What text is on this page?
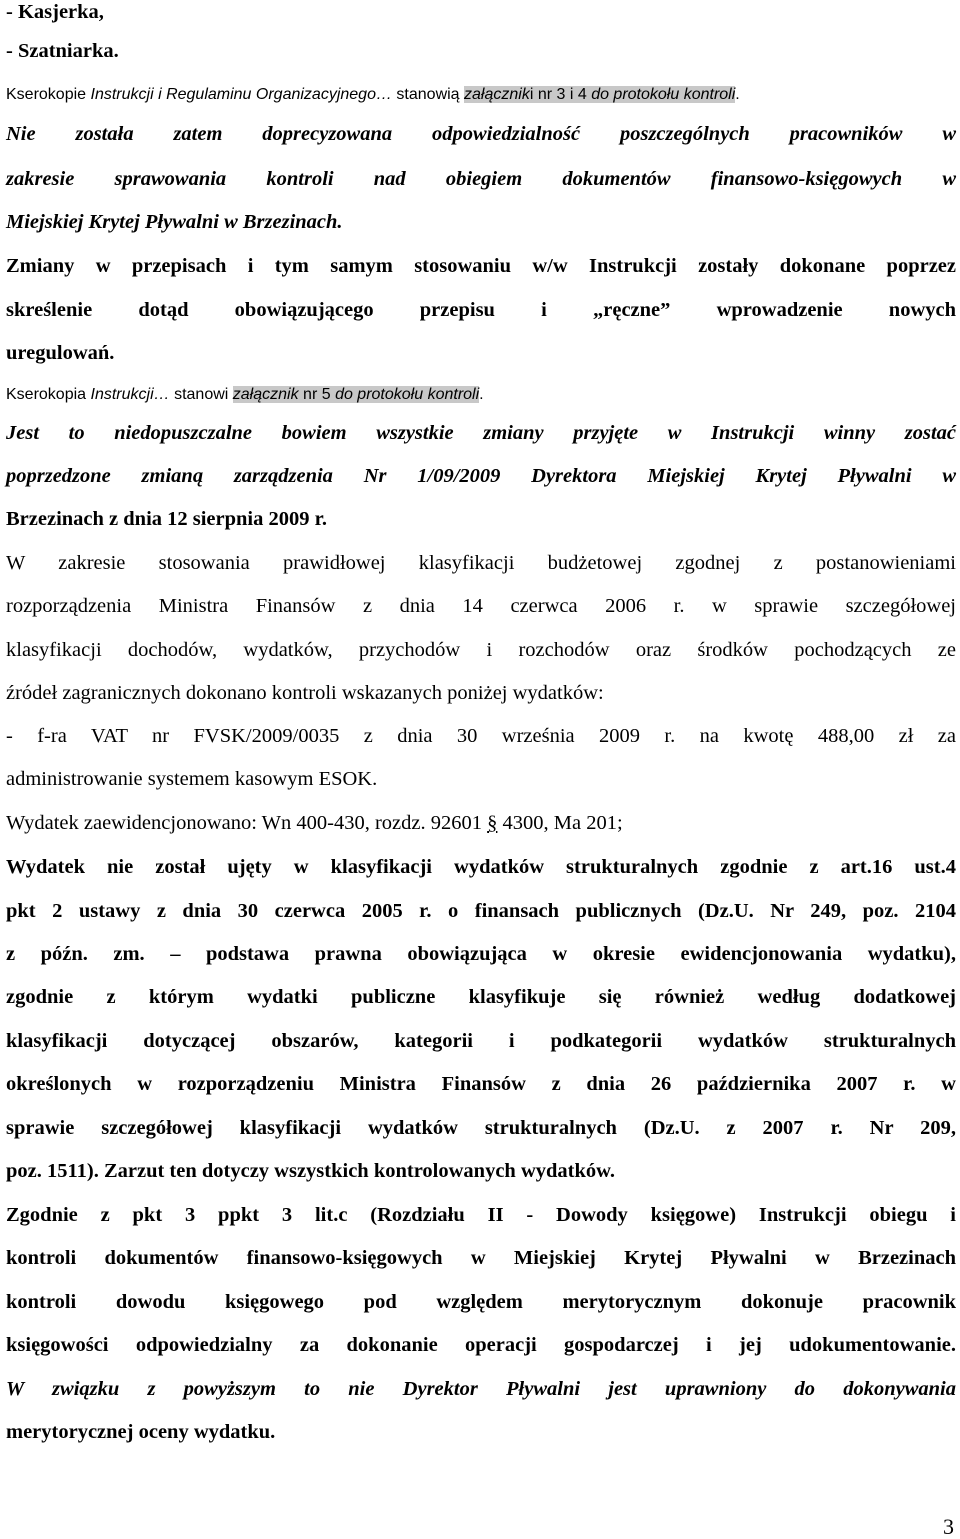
- Kasjerka,
- Szatniarka.
Kserokopie Instrukcji i Regulaminu Organizacyjnego… stanowią załączniki nr 3 i 4 do protokołu kontroli.
Nie została zatem doprecyzowana odpowiedzialność poszczególnych pracowników w
zakresie sprawowania kontroli nad obiegiem dokumentów finansowo-księgowych w
Miejskiej Krytej Pływalni w Brzezinach.
Zmiany w przepisach i tym samym stosowaniu w/w Instrukcji zostały dokonane poprzez
skreślenie dotąd obowiązującego przepisu i „ręczne” wprowadzenie nowych
uregulowań.
Kserokopia Instrukcji… stanowi załącznik nr 5 do protokołu kontroli.
Jest to niedopuszczalne bowiem wszystkie zmiany przyjęte w Instrukcji winny zostać
poprzedzone zmianą zarządzenia Nr 1/09/2009 Dyrektora Miejskiej Krytej Pływalni w
Brzezinach z dnia 12 sierpnia 2009 r.
W zakresie stosowania prawidłowej klasyfikacji budżetowej zgodnej z postanowieniami
rozporządzenia Ministra Finansów z dnia 14 czerwca 2006 r. w sprawie szczegółowej
klasyfikacji dochodów, wydatków, przychodów i rozchodów oraz środków pochodzących ze
źródeł zagranicznych dokonano kontroli wskazanych poniżej wydatków:
- f-ra VAT nr FVSK/2009/0035 z dnia 30 września 2009 r. na kwotę 488,00 zł za
administrowanie systemem kasowym ESOK.
Wydatek zaewidencjonowano: Wn 400-430, rozdz. 92601 § 4300, Ma 201;
Wydatek nie został ujęty w klasyfikacji wydatków strukturalnych zgodnie z art.16 ust.4
pkt 2 ustawy z dnia 30 czerwca 2005 r. o finansach publicznych (Dz.U. Nr 249, poz. 2104
z późn. zm. – podstawa prawna obowiązująca w okresie ewidencjonowania wydatku),
zgodnie z którym wydatki publiczne klasyfikuje się również według dodatkowej
klasyfikacji dotyczącej obszarów, kategorii i podkategorii wydatków strukturalnych
określonych w rozporządzeniu Ministra Finansów z dnia 26 października 2007 r. w
sprawie szczegółowej klasyfikacji wydatków strukturalnych (Dz.U. z 2007 r. Nr 209,
poz. 1511). Zarzut ten dotyczy wszystkich kontrolowanych wydatków.
Zgodnie z pkt 3 ppkt 3 lit.c (Rozdziału II - Dowody księgowe) Instrukcji obiegu i
kontroli dokumentów finansowo-księgowych w Miejskiej Krytej Pływalni w Brzezinach
kontroli dowodu księgowego pod względem merytorycznym dokonuje pracownik
księgowości odpowiedzialny za dokonanie operacji gospodarczej i jej udokumentowanie.
W związku z powyższym to nie Dyrektor Pływalni jest uprawniony do dokonywania
merytorycznej oceny wydatku.
3
